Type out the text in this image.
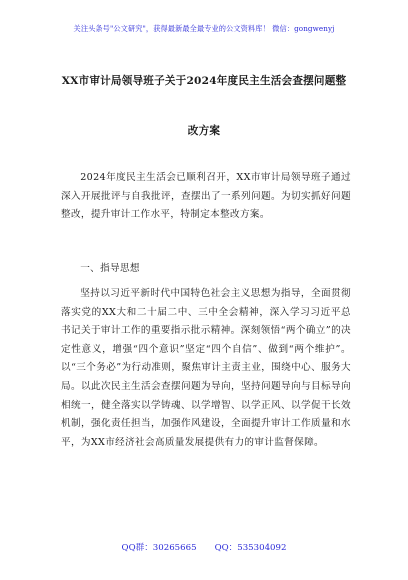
关注头条号"公文研究"，获得最新最全最专业的公文资料库！ 微信：gongwenyj
XX市审计局领导班子关于2024年度民主生活会查摆问题整
改方案
2024年度民主生活会已顺利召开，XX市审计局领导班子通过深入开展批评与自我批评，查摆出了一系列问题。为切实抓好问题整改，提升审计工作水平，特制定本整改方案。
一、指导思想
坚持以习近平新时代中国特色社会主义思想为指导，全面贯彻落实党的XX大和二十届二中、三中全会精神，深入学习习近平总书记关于审计工作的重要指示批示精神。深刻领悟“两个确立”的决定性意义，增强“四个意识”坚定“四个自信”、做到“两个维护”。以“三个务必”为行动准则，聚焦审计主责主业，围绕中心、服务大局。以此次民主生活会查摆问题为导向，坚持问题导向与目标导向相统一，健全落实以学铸魂、以学增智、以学正风、以学促干长效机制，强化责任担当，加强作风建设，全面提升审计工作质量和水平，为XX市经济社会高质量发展提供有力的审计监督保障。
QQ群：30265665 QQ：535304092
